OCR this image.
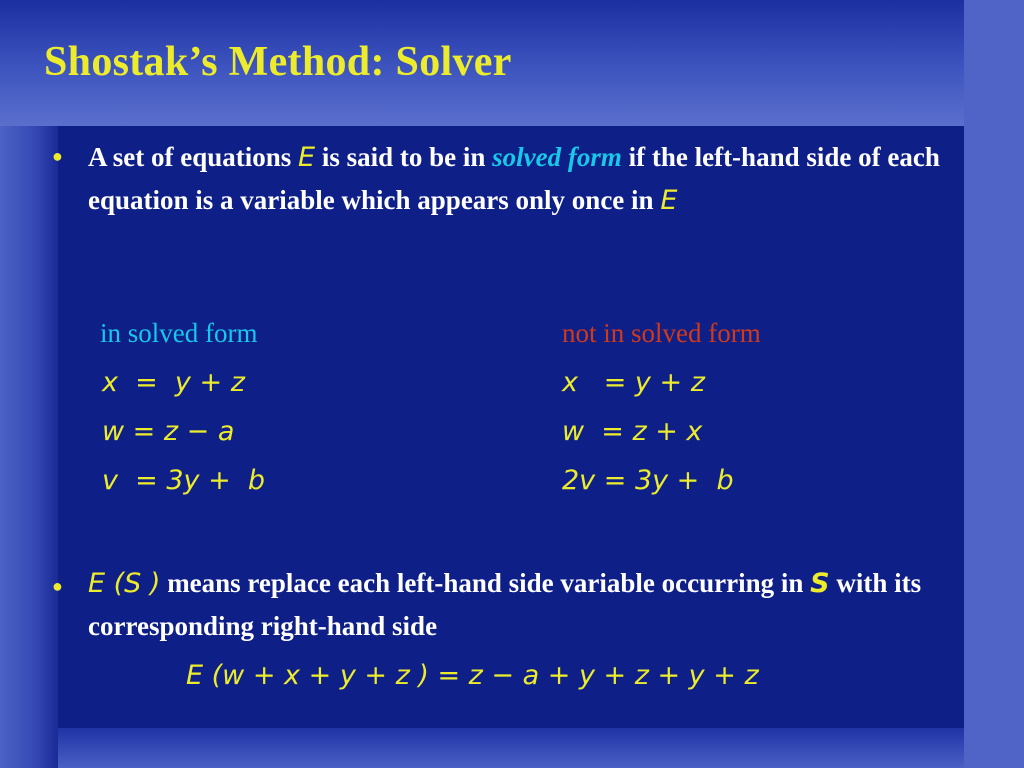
Shostak’s Method: Solver
● A set of equations E is said to be in solved form if the left-hand side of each equation is a variable which appears only once in E

in solved form	not in solved form

x  =  y + z

w = z − a

v  = 3y +  b

x   = y + z

w  = z + x

2v = 3y +  b

● E (S ) means replace each left-hand side variable occurring in S with its corresponding right-hand side

E (w + x + y + z ) = z − a + y + z + y + z
